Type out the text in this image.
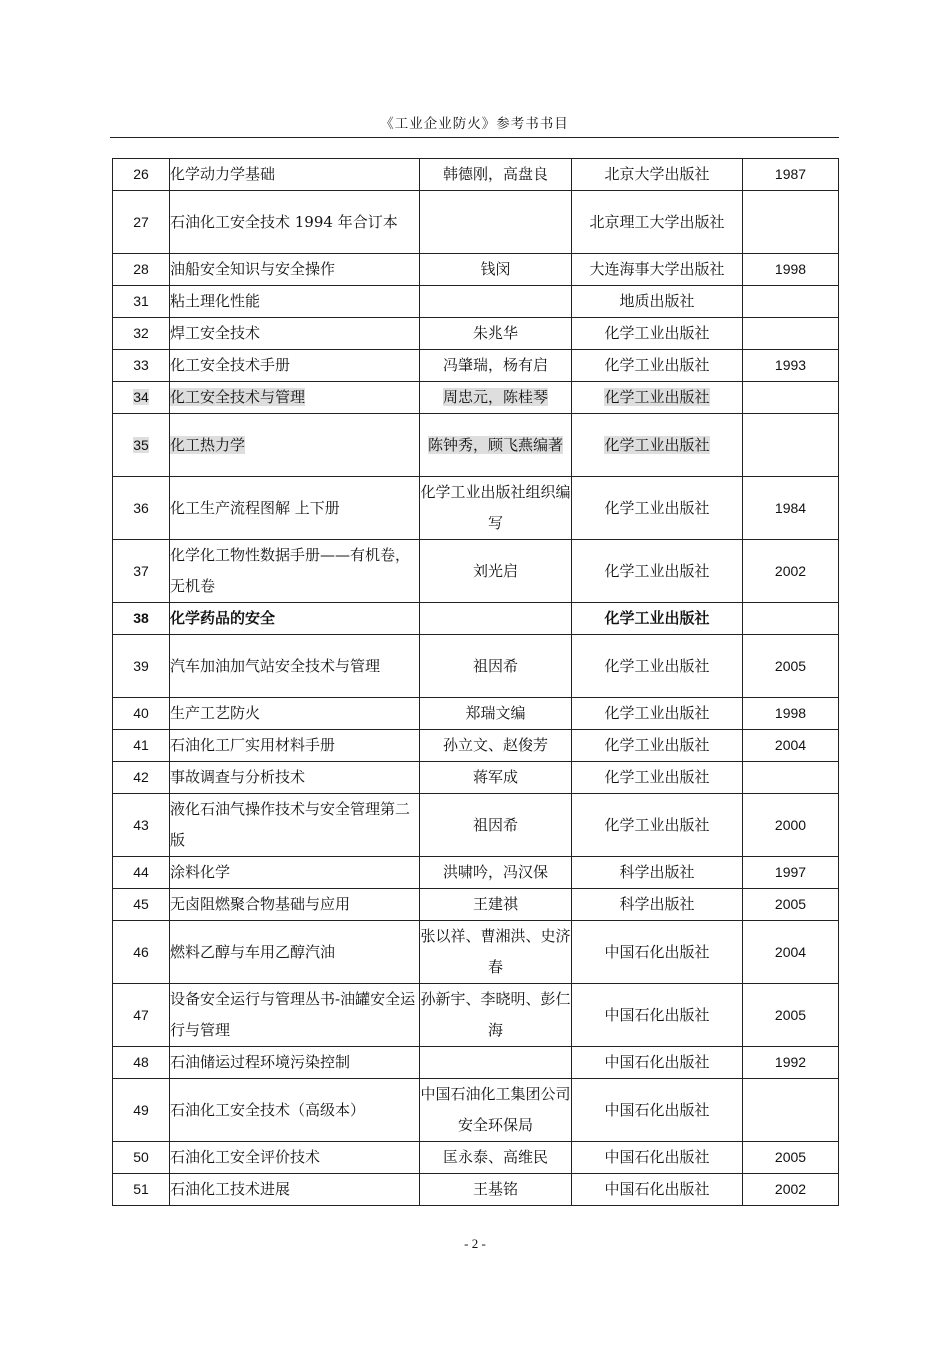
《工业企业防火》参考书书目
26	化学动力学基础	韩德刚，高盘良	北京大学出版社	1987
27	石油化工安全技术 1994 年合订本		北京理工大学出版社	
28	油船安全知识与安全操作	钱闵	大连海事大学出版社	1998
31	粘土理化性能		地质出版社	
32	焊工安全技术	朱兆华	化学工业出版社	
33	化工安全技术手册	冯肇瑞，杨有启	化学工业出版社	1993
34	化工安全技术与管理	周忠元，陈桂琴	化学工业出版社	
35	化工热力学	陈钟秀，顾飞燕编著	化学工业出版社	
36	化工生产流程图解 上下册	化学工业出版社组织编写	化学工业出版社	1984
37	化学化工物性数据手册——有机卷，无机卷	刘光启	化学工业出版社	2002
38	化学药品的安全		化学工业出版社	
39	汽车加油加气站安全技术与管理	祖因希	化学工业出版社	2005
40	生产工艺防火	郑瑞文编	化学工业出版社	1998
41	石油化工厂实用材料手册	孙立文、赵俊芳	化学工业出版社	2004
42	事故调查与分析技术	蒋军成	化学工业出版社	
43	液化石油气操作技术与安全管理第二版	祖因希	化学工业出版社	2000
44	涂料化学	洪啸吟，冯汉保	科学出版社	1997
45	无卤阻燃聚合物基础与应用	王建祺	科学出版社	2005
46	燃料乙醇与车用乙醇汽油	张以祥、曹湘洪、史济春	中国石化出版社	2004
47	设备安全运行与管理丛书-油罐安全运行与管理	孙新宇、李晓明、彭仁海	中国石化出版社	2005
48	石油储运过程环境污染控制		中国石化出版社	1992
49	石油化工安全技术（高级本）	中国石油化工集团公司安全环保局	中国石化出版社	
50	石油化工安全评价技术	匡永泰、高维民	中国石化出版社	2005
51	石油化工技术进展	王基铭	中国石化出版社	2002
- 2 -
